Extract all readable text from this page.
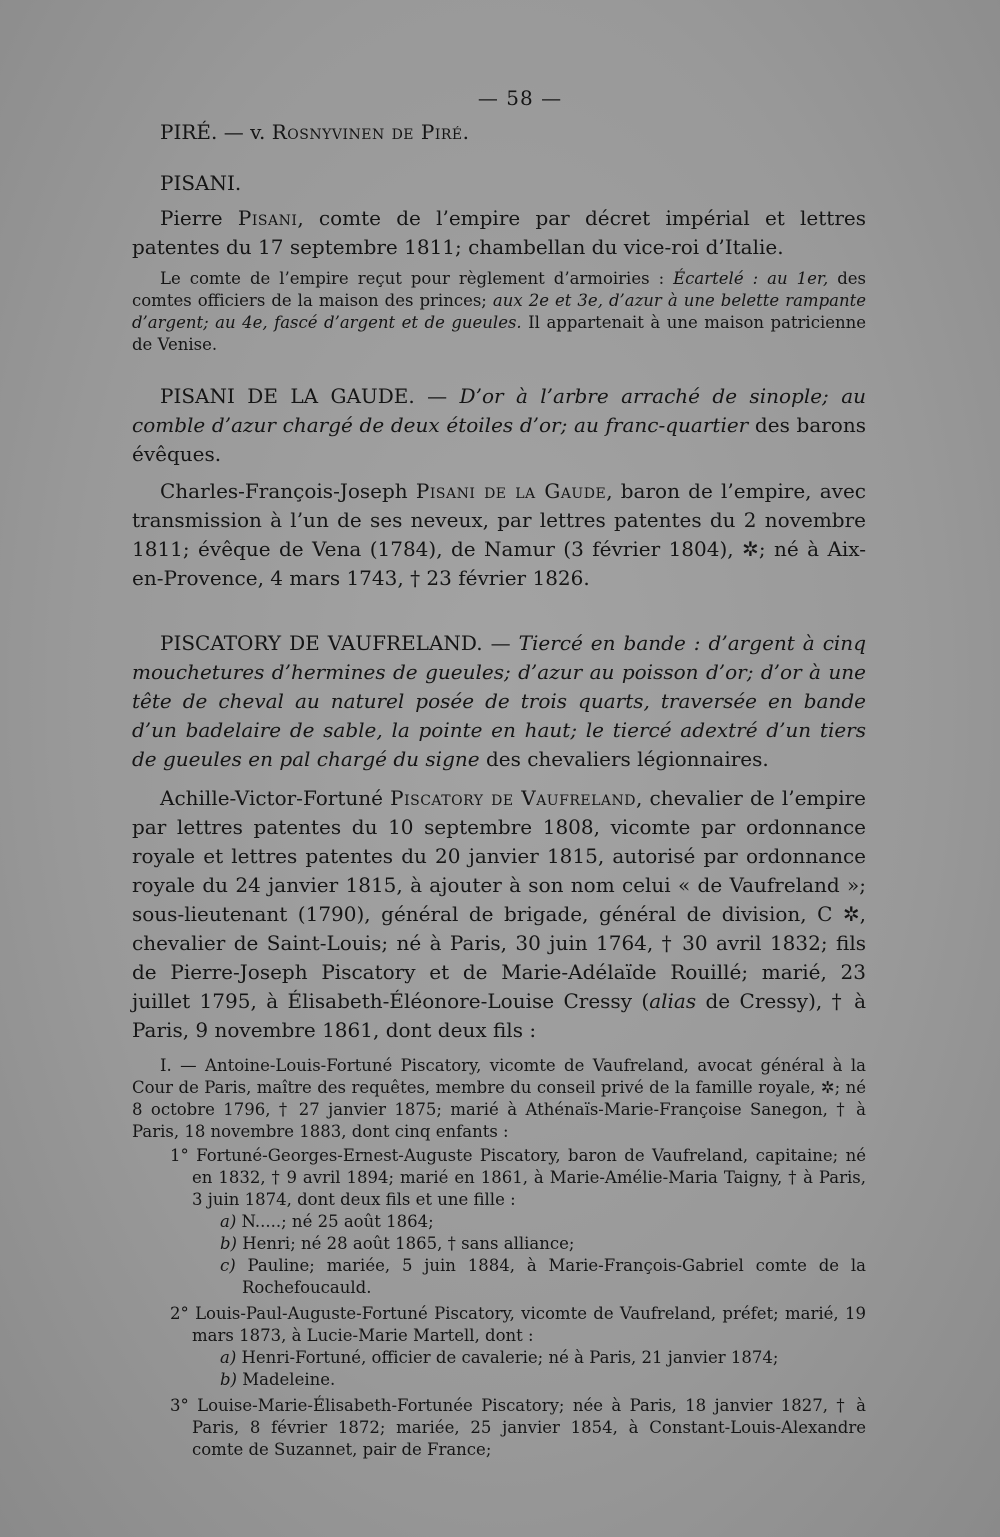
— 58 —

PIRÉ. — v. Rosnyvinen de Piré.

PISANI.

Pierre Pisani, comte de l’empire par décret impérial et lettres patentes du 17 septembre 1811; chambellan du vice-roi d’Italie.

Le comte de l’empire reçut pour règlement d’armoiries : Écartelé : au 1er, des comtes officiers de la maison des princes; aux 2e et 3e, d’azur à une belette rampante d’argent; au 4e, fascé d’argent et de gueules. Il appartenait à une maison patricienne de Venise.

PISANI DE LA GAUDE. — D’or à l’arbre arraché de sinople; au comble d’azur chargé de deux étoiles d’or; au franc-quartier des barons évêques.

Charles-François-Joseph Pisani de la Gaude, baron de l’empire, avec transmission à l’un de ses neveux, par lettres patentes du 2 novembre 1811; évêque de Vena (1784), de Namur (3 février 1804), ✲; né à Aix-en-Provence, 4 mars 1743, † 23 février 1826.

PISCATORY DE VAUFRELAND. — Tiercé en bande : d’argent à cinq mouchetures d’hermines de gueules; d’azur au poisson d’or; d’or à une tête de cheval au naturel posée de trois quarts, traversée en bande d’un badelaire de sable, la pointe en haut; le tiercé adextré d’un tiers de gueules en pal chargé du signe des chevaliers légionnaires.

Achille-Victor-Fortuné Piscatory de Vaufreland, chevalier de l’empire par lettres patentes du 10 septembre 1808, vicomte par ordonnance royale et lettres patentes du 20 janvier 1815, autorisé par ordonnance royale du 24 janvier 1815, à ajouter à son nom celui « de Vaufreland »; sous-lieutenant (1790), général de brigade, général de division, C ✲, chevalier de Saint-Louis; né à Paris, 30 juin 1764, † 30 avril 1832; fils de Pierre-Joseph Piscatory et de Marie-Adélaïde Rouillé; marié, 23 juillet 1795, à Élisabeth-Éléonore-Louise Cressy (alias de Cressy), † à Paris, 9 novembre 1861, dont deux fils :

I. — Antoine-Louis-Fortuné Piscatory, vicomte de Vaufreland, avocat général à la Cour de Paris, maître des requêtes, membre du conseil privé de la famille royale, ✲; né 8 octobre 1796, † 27 janvier 1875; marié à Athénaïs-Marie-Françoise Sanegon, † à Paris, 18 novembre 1883, dont cinq enfants :

1° Fortuné-Georges-Ernest-Auguste Piscatory, baron de Vaufreland, capitaine; né en 1832, † 9 avril 1894; marié en 1861, à Marie-Amélie-Maria Taigny, † à Paris, 3 juin 1874, dont deux fils et une fille :

a) N.....; né 25 août 1864;

b) Henri; né 28 août 1865, † sans alliance;

c) Pauline; mariée, 5 juin 1884, à Marie-François-Gabriel comte de la Rochefoucauld.

2° Louis-Paul-Auguste-Fortuné Piscatory, vicomte de Vaufreland, préfet; marié, 19 mars 1873, à Lucie-Marie Martell, dont :

a) Henri-Fortuné, officier de cavalerie; né à Paris, 21 janvier 1874;

b) Madeleine.

3° Louise-Marie-Élisabeth-Fortunée Piscatory; née à Paris, 18 janvier 1827, † à Paris, 8 février 1872; mariée, 25 janvier 1854, à Constant-Louis-Alexandre comte de Suzannet, pair de France;
